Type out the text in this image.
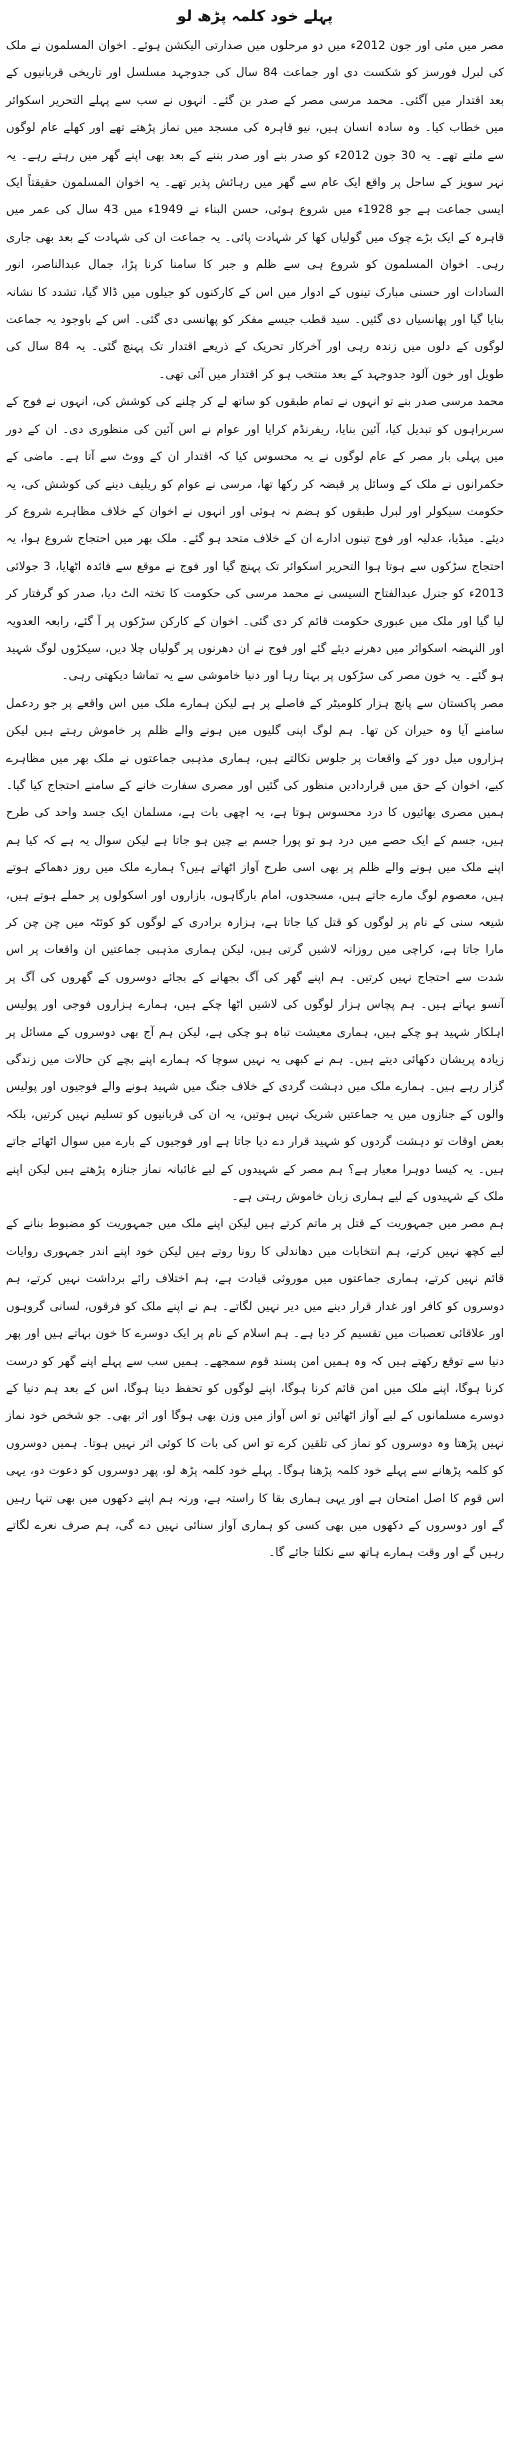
پہلے خود کلمہ پڑھ لو

مصر میں مئی اور جون 2012ء میں دو مرحلوں میں صدارتی الیکشن ہوئے۔ اخوان المسلمون نے ملک کی لبرل فورسز کو شکست دی اور جماعت 84 سال کی جدوجہد مسلسل اور تاریخی قربانیوں کے بعد اقتدار میں آگئی۔ محمد مرسی مصر کے صدر بن گئے۔ انہوں نے سب سے پہلے التحریر اسکوائر میں خطاب کیا۔ وہ سادہ انسان ہیں، نیو قاہرہ کی مسجد میں نماز پڑھتے تھے اور کھلے عام لوگوں سے ملتے تھے۔ یہ 30 جون 2012ء کو صدر بنے اور صدر بننے کے بعد بھی اپنے گھر میں رہتے رہے۔ یہ نہر سویز کے ساحل پر واقع ایک عام سے گھر میں رہائش پذیر تھے۔ یہ اخوان المسلمون حقیقتاً ایک ایسی جماعت ہے جو 1928ء میں شروع ہوئی، حسن البناء نے 1949ء میں 43 سال کی عمر میں قاہرہ کے ایک بڑے چوک میں گولیاں کھا کر شہادت پائی۔ یہ جماعت ان کی شہادت کے بعد بھی جاری رہی۔ اخوان المسلمون کو شروع ہی سے ظلم و جبر کا سامنا کرنا پڑا، جمال عبدالناصر، انور السادات اور حسنی مبارک تینوں کے ادوار میں اس کے کارکنوں کو جیلوں میں ڈالا گیا، تشدد کا نشانہ بنایا گیا اور پھانسیاں دی گئیں۔ سید قطب جیسے مفکر کو پھانسی دی گئی۔ اس کے باوجود یہ جماعت لوگوں کے دلوں میں زندہ رہی اور آخرکار تحریک کے ذریعے اقتدار تک پہنچ گئی۔ یہ 84 سال کی طویل اور خون آلود جدوجہد کے بعد منتخب ہو کر اقتدار میں آئی تھی۔

محمد مرسی صدر بنے تو انہوں نے تمام طبقوں کو ساتھ لے کر چلنے کی کوشش کی، انہوں نے فوج کے سربراہوں کو تبدیل کیا، آئین بنایا، ریفرنڈم کرایا اور عوام نے اس آئین کی منظوری دی۔ ان کے دور میں پہلی بار مصر کے عام لوگوں نے یہ محسوس کیا کہ اقتدار ان کے ووٹ سے آتا ہے۔ ماضی کے حکمرانوں نے ملک کے وسائل پر قبضہ کر رکھا تھا، مرسی نے عوام کو ریلیف دینے کی کوشش کی، یہ حکومت سیکولر اور لبرل طبقوں کو ہضم نہ ہوئی اور انہوں نے اخوان کے خلاف مظاہرے شروع کر دیئے۔ میڈیا، عدلیہ اور فوج تینوں ادارے ان کے خلاف متحد ہو گئے۔ ملک بھر میں احتجاج شروع ہوا، یہ احتجاج سڑکوں سے ہوتا ہوا التحریر اسکوائر تک پہنچ گیا اور فوج نے موقع سے فائدہ اٹھایا، 3 جولائی 2013ء کو جنرل عبدالفتاح السیسی نے محمد مرسی کی حکومت کا تختہ الٹ دیا، صدر کو گرفتار کر لیا گیا اور ملک میں عبوری حکومت قائم کر دی گئی۔ اخوان کے کارکن سڑکوں پر آ گئے، رابعہ العدویہ اور النہضہ اسکوائر میں دھرنے دیئے گئے اور فوج نے ان دھرنوں پر گولیاں چلا دیں، سیکڑوں لوگ شہید ہو گئے۔ یہ خون مصر کی سڑکوں پر بہتا رہا اور دنیا خاموشی سے یہ تماشا دیکھتی رہی۔

مصر پاکستان سے پانچ ہزار کلومیٹر کے فاصلے پر ہے لیکن ہمارے ملک میں اس واقعے پر جو ردعمل سامنے آیا وہ حیران کن تھا۔ ہم لوگ اپنی گلیوں میں ہونے والے ظلم پر خاموش رہتے ہیں لیکن ہزاروں میل دور کے واقعات پر جلوس نکالتے ہیں، ہماری مذہبی جماعتوں نے ملک بھر میں مظاہرے کیے، اخوان کے حق میں قراردادیں منظور کی گئیں اور مصری سفارت خانے کے سامنے احتجاج کیا گیا۔ ہمیں مصری بھائیوں کا درد محسوس ہوتا ہے، یہ اچھی بات ہے، مسلمان ایک جسد واحد کی طرح ہیں، جسم کے ایک حصے میں درد ہو تو پورا جسم بے چین ہو جاتا ہے لیکن سوال یہ ہے کہ کیا ہم اپنے ملک میں ہونے والے ظلم پر بھی اسی طرح آواز اٹھاتے ہیں؟ ہمارے ملک میں روز دھماکے ہوتے ہیں، معصوم لوگ مارے جاتے ہیں، مسجدوں، امام بارگاہوں، بازاروں اور اسکولوں پر حملے ہوتے ہیں، شیعہ سنی کے نام پر لوگوں کو قتل کیا جاتا ہے، ہزارہ برادری کے لوگوں کو کوئٹہ میں چن چن کر مارا جاتا ہے، کراچی میں روزانہ لاشیں گرتی ہیں، لیکن ہماری مذہبی جماعتیں ان واقعات پر اس شدت سے احتجاج نہیں کرتیں۔ ہم اپنے گھر کی آگ بجھانے کے بجائے دوسروں کے گھروں کی آگ پر آنسو بہاتے ہیں۔ ہم پچاس ہزار لوگوں کی لاشیں اٹھا چکے ہیں، ہمارے ہزاروں فوجی اور پولیس اہلکار شہید ہو چکے ہیں، ہماری معیشت تباہ ہو چکی ہے، لیکن ہم آج بھی دوسروں کے مسائل پر زیادہ پریشان دکھائی دیتے ہیں۔ ہم نے کبھی یہ نہیں سوچا کہ ہمارے اپنے بچے کن حالات میں زندگی گزار رہے ہیں۔ ہمارے ملک میں دہشت گردی کے خلاف جنگ میں شہید ہونے والے فوجیوں اور پولیس والوں کے جنازوں میں یہ جماعتیں شریک نہیں ہوتیں، یہ ان کی قربانیوں کو تسلیم نہیں کرتیں، بلکہ بعض اوقات تو دہشت گردوں کو شہید قرار دے دیا جاتا ہے اور فوجیوں کے بارے میں سوال اٹھائے جاتے ہیں۔ یہ کیسا دوہرا معیار ہے؟ ہم مصر کے شہیدوں کے لیے غائبانہ نماز جنازہ پڑھتے ہیں لیکن اپنے ملک کے شہیدوں کے لیے ہماری زبان خاموش رہتی ہے۔

ہم مصر میں جمہوریت کے قتل پر ماتم کرتے ہیں لیکن اپنے ملک میں جمہوریت کو مضبوط بنانے کے لیے کچھ نہیں کرتے، ہم انتخابات میں دھاندلی کا رونا روتے ہیں لیکن خود اپنے اندر جمہوری روایات قائم نہیں کرتے، ہماری جماعتوں میں موروثی قیادت ہے، ہم اختلاف رائے برداشت نہیں کرتے، ہم دوسروں کو کافر اور غدار قرار دینے میں دیر نہیں لگاتے۔ ہم نے اپنے ملک کو فرقوں، لسانی گروہوں اور علاقائی تعصبات میں تقسیم کر دیا ہے۔ ہم اسلام کے نام پر ایک دوسرے کا خون بہاتے ہیں اور پھر دنیا سے توقع رکھتے ہیں کہ وہ ہمیں امن پسند قوم سمجھے۔ ہمیں سب سے پہلے اپنے گھر کو درست کرنا ہوگا، اپنے ملک میں امن قائم کرنا ہوگا، اپنے لوگوں کو تحفظ دینا ہوگا، اس کے بعد ہم دنیا کے دوسرے مسلمانوں کے لیے آواز اٹھائیں تو اس آواز میں وزن بھی ہوگا اور اثر بھی۔ جو شخص خود نماز نہیں پڑھتا وہ دوسروں کو نماز کی تلقین کرے تو اس کی بات کا کوئی اثر نہیں ہوتا۔ ہمیں دوسروں کو کلمہ پڑھانے سے پہلے خود کلمہ پڑھنا ہوگا۔ پہلے خود کلمہ پڑھ لو، پھر دوسروں کو دعوت دو، یہی اس قوم کا اصل امتحان ہے اور یہی ہماری بقا کا راستہ ہے، ورنہ ہم اپنے دکھوں میں بھی تنہا رہیں گے اور دوسروں کے دکھوں میں بھی کسی کو ہماری آواز سنائی نہیں دے گی، ہم صرف نعرے لگاتے رہیں گے اور وقت ہمارے ہاتھ سے نکلتا جائے گا۔
